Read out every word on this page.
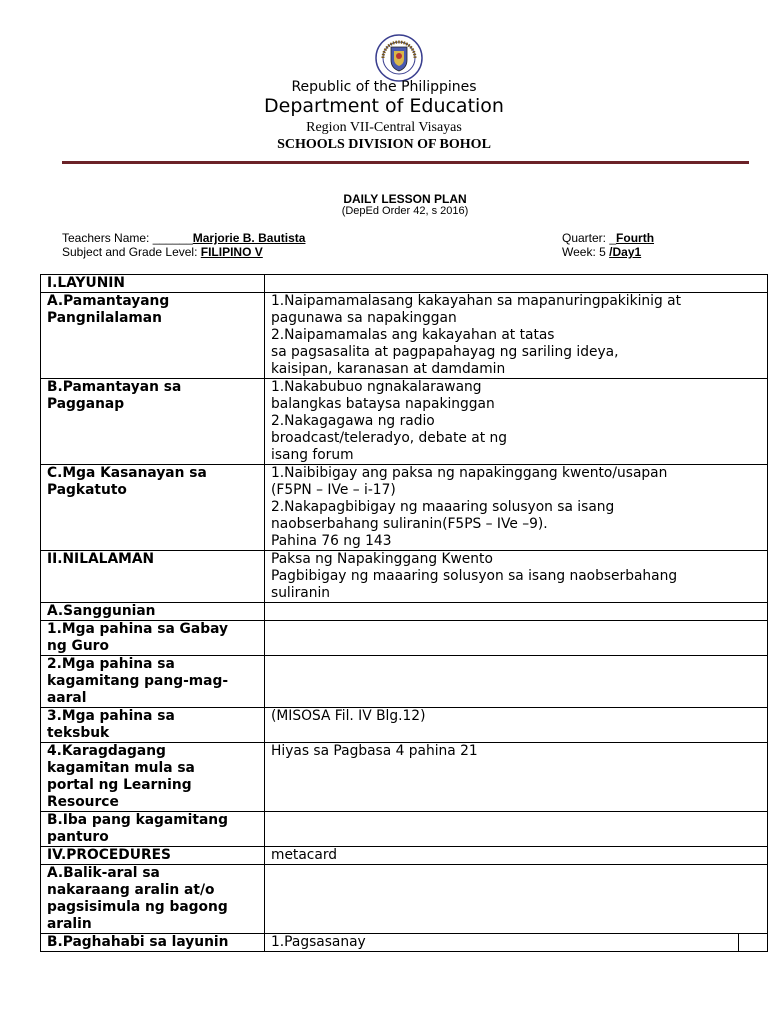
Republic of the Philippines
Department of Education
Region VII-Central Visayas
SCHOOLS DIVISION OF BOHOL
DAILY LESSON PLAN
(DepEd Order 42, s 2016)
Teachers Name: ______Marjorie B. Bautista
Subject and Grade Level: FILIPINO V
Quarter: _Fourth
Week: 5 /Day1
I.LAYUNIN		

A.Pamantayang
Pangnilalaman	1.Naipamamalasang kakayahan sa mapanuringpakikinig at
pagunawa sa napakinggan
2.Naipamamalas ang kakayahan at tatas
sa pagsasalita at pagpapahayag ng sariling ideya,
kaisipan, karanasan at damdamin	

B.Pamantayan sa
Pagganap	1.Nakabubuo ngnakalarawang
balangkas bataysa napakinggan
2.Nakagagawa ng radio
broadcast/teleradyo, debate at ng
isang forum	

C.Mga Kasanayan sa
Pagkatuto	1.Naibibigay ang paksa ng napakinggang kwento/usapan
(F5PN – IVe – i-17)
2.Nakapagbibigay ng maaaring solusyon sa isang
naobserbahang suliranin(F5PS – IVe –9).
Pahina 76 ng 143	

II.NILALAMAN	Paksa ng Napakinggang Kwento
Pagbibigay ng maaaring solusyon sa isang naobserbahang
suliranin	

A.Sanggunian		

1.Mga pahina sa Gabay
ng Guro		

2.Mga pahina sa
kagamitang pang-mag-
aaral		

3.Mga pahina sa
teksbuk	(MISOSA Fil. IV Blg.12)	

4.Karagdagang
kagamitan mula sa
portal ng Learning
Resource	Hiyas sa Pagbasa 4 pahina 21	

B.Iba pang kagamitang
panturo		

IV.PROCEDURES	metacard	

A.Balik-aral sa
nakaraang aralin at/o
pagsisimula ng bagong
aralin		

B.Paghahabi sa layunin	1.Pagsasanay	
